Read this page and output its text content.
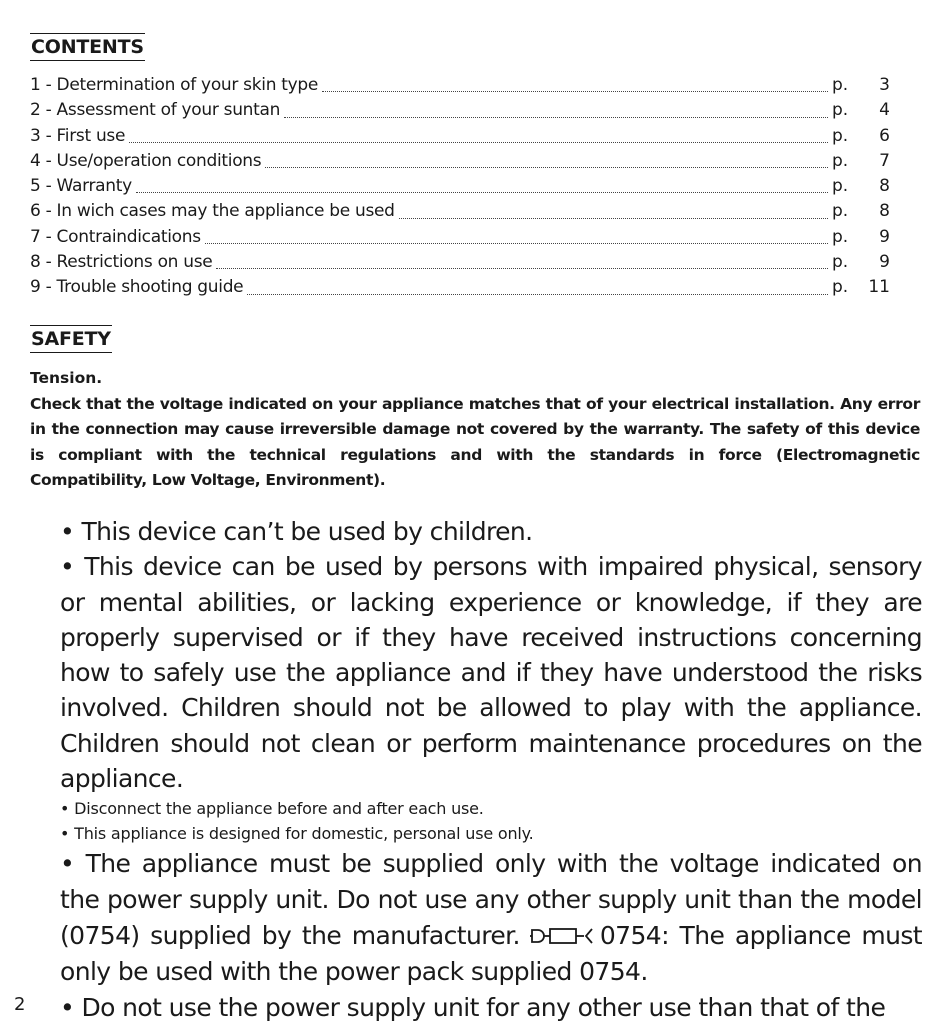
CONTENTS
1 - Determination of your skin type	p.	3
2 - Assessment of your suntan	p.	4
3 - First use	p.	6
4 - Use/operation conditions	p.	7
5 - Warranty	p.	8
6 - In wich cases may the appliance be used	p.	8
7 - Contraindications	p.	9
8 - Restrictions on use	p.	9
9 - Trouble shooting guide	p.	11
SAFETY
Tension.
Check that the voltage indicated on your appliance matches that of your electrical installation. Any error in the connection may cause irreversible damage not covered by the warranty. The safety of this device is compliant with the technical regulations and with the standards in force (Electromagnetic Compatibility, Low Voltage, Environment).

• This device can’t be used by children.

• This device can be used by persons with impaired physical, sensory or mental abilities, or lacking experience or knowledge, if they are properly supervised or if they have received instructions concerning how to safely use the appliance and if they have understood the risks involved. Children should not be allowed to play with the appliance. Children should not clean or perform maintenance procedures on the appliance.

• Disconnect the appliance before and after each use.

• This appliance is designed for domestic, personal use only.

• The appliance must be supplied only with the voltage indicated on the power supply unit. Do not use any other supply unit than the model (0754) supplied by the manufacturer.	0754: The appliance must only be used with the power pack supplied 0754.

• Do not use the power supply unit for any other use than that of the

2
